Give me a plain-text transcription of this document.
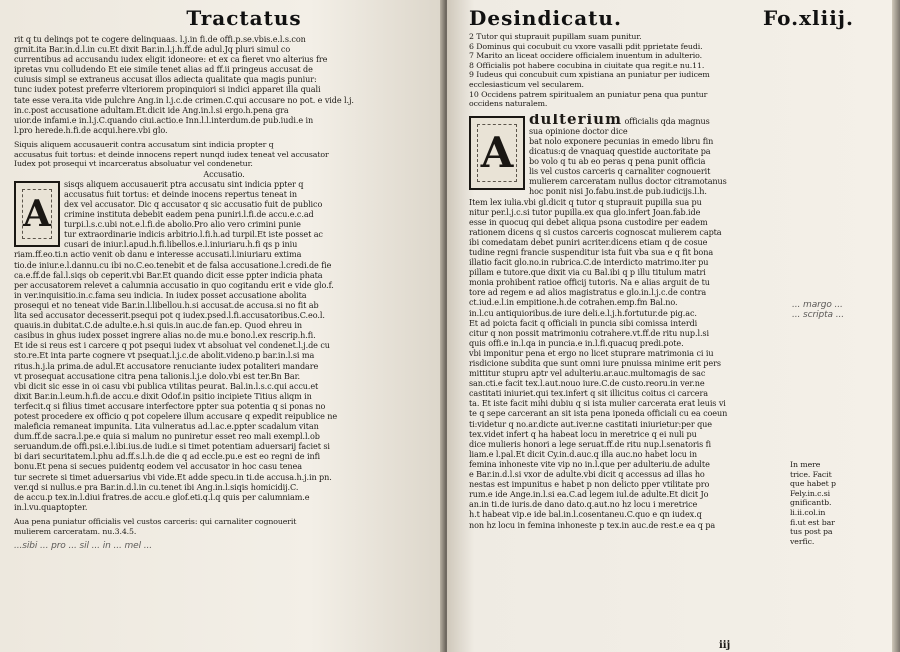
Tractatus
rit q tu delinqs pot te cogere delinquaas. l.j.in fi.de offi.p.se.vbis.e.l.s.con
grnit.ita Bar.in.d.l.in cu.Et dixit Bar.in.l.j.h.ff.de adul.Jq pluri simul co
currentibus ad accusandu iudex eligit idoneore: et ex ca fieret vno alterius fre
ipretas vnu colludendo Et eie simile tenet alias ad ff.ii pringeus accusat de
cuiusis simpl se extraneus accusat illos adiecta qualitate qua magis puniur:
tunc iudex potest preferre vlteriorem propinquiori si indici apparet illa quali
tate esse vera.ita vide pulchre Ang.in l.j.c.de crimen.C.qui accusare no pot. e vide l.j.
in.c.post accusatione adultam.Et.dicit ide Ang.in.l.si ergo.h.pena gra
uior.de infami.e in.l.j.C.quando ciui.actio.e Inn.l.l.interdum.de pub.iudi.e in
l.pro herede.h.fi.de acqui.here.vbi glo.
Siquis aliquem accusauerit contra accusatum sint indicia propter q
accusatus fuit tortus: et deinde innocens repert nunqd iudex teneat vel accusator
Iudex pot prosequi vt incarceratus absoluatur vel condenetur.
Accusatio.
A
sisqs aliquem accusauerit ptra accusatu sint indicia ppter q
accusatus fuit tortus: et deinde inocens repertus teneat in
dex vel accusator. Dic q accusator q sic accusatio fuit de publico
crimine instituta debebit eadem pena puniri.l.fi.de accu.e.c.ad
turpi.l.s.c.ubi not.e.l.fi.de abolio.Pro alio vero crimini punie
tur extraordinarie indicis arbitrio.l.fi.h.ad turpil.Et iste posset ac
cusari de iniur.l.apud.h.fi.libellos.e.l.iniuriaru.h.fi qs p iniu
riam.ff.eo.ti.n actio venit ob danu e interesse accusati.l.iniuriaru extima
tio.de iniur.e.l.dannu.cu ibi no.C.eo.tenebit et de falsa accusatione.l.credi.de fie
ca.e.ff.de fal.l.siqs ob ceperit.vbi Bar.Et quando dicit esse ppter indicia phata
per accusatorem relevet a calumnia accusatio in quo cogitandu erit e vide glo.f.
in ver.inquisitio.in.c.fama seu indicia. In iudex posset accusatione abolita
prosequi et no teneat vide Bar.in.l.libellou.h.si accusat.de accusa.si no fit ab
lita sed accusator decesserit.psequi pot q iudex.psed.l.fi.accusatoribus.C.eo.l.
quauis.in dubitat.C.de adulte.e.h.si quis.in auc.de fan.ep. Quod ehreu in
casibus in ghus iudex posset ingrere alias no.de mu.e bono.l.ex rescrip.h.fi.
Et ide si reus est i carcere q pot psequi iudex vt absoluat vel condenet.l.j.de cu
sto.re.Et inta parte cognere vt psequat.l.j.c.de abolit.videno.p bar.in.l.si ma
ritus.h.j.la prima.de adul.Et accusatore renuciante iudex potaliteri mandare
vt prosequat accusatione citra pena talionis.l.j.e dolo.vbi est ter.Bn Bar.
vbi dicit sic esse in oi casu vbi publica vtilitas peurat. Bal.in.l.s.c.qui accu.et
dixit Bar.in.l.eum.h.fi.de accu.e dixit Odof.in psitio incipiete Titius aliqm in
terfecit.q si filius timet accusare interfectore ppter sua potentia q si ponas no
potest procedere ex officio q pot copelere illum accusare q expedit reipublice ne
maleficia remaneat impunita. Lita vulneratus ad.l.ac.e.ppter scadalum vitan
dum.ff.de sacra.l.pe.e quia si malum no puniretur esset reo mali exempl.l.ob
seruandum.de offi.psi.e.l.ibi.ius.de iudi.e si timet potentiam aduersarij faciet si
bi dari securitatem.l.phu ad.ff.s.l.h.de die q ad eccle.pu.e est eo regni de infi
bonu.Et pena si secues puidentq eodem vel accusator in hoc casu tenea
tur secrete si timet aduersarius vbi vide.Et adde specu.in ti.de accusa.h.j.in pn.
ver.qd si nullus.e pra Bar.in.d.l.in cu.tenet ibi Ang.in.l.siqis homicidij.C.
de accu.p tex.in.l.diui fratres.de accu.e glof.eti.q.l.q quis per calumniam.e
in.l.vu.quaptopter.
Aua pena puniatur officialis vel custos carceris: qui carnaliter cognouerit
mulierem carceratam. nu.3.4.5.
...sibi ... pro ... sil ... in ... mel ...
Desindicatu.	Fo.xliij.
2 Tutor qui stuprauit pupillam suam punitur.
6 Dominus qui cocubuit cu vxore vasalli pdit pprietate feudi.
7 Marito an liceat occidere officialem inuentum in adulterio.
8 Officialis pot habere cocubina in ciuitate qua regit.e nu.11.
9 Iudeus qui concubuit cum xpistiana an puniatur per iudicem
ecclesiasticum vel secularem.
10 Occidens patrem spiritualem an puniatur pena qua puntur
occidens naturalem.
A
dulterium officialis qda magnus
sua opinione doctor dice
bat nolo exponere pecunias in emedo libru fin
dicatus:q de vnaquaq questide auctoritate pa
bo volo q tu ab eo peras q pena punit officia
lis vel custos carceris q carnaliter cognouerit
mulierem carceratam nullus doctor citramotanus
hoc ponit nisi Jo.fabu.inst.de pub.iudicijs.l.h.
Item lex iulia.vbi gl.dicit q tutor q stuprauit pupilla sua pu
nitur per.l.j.c.si tutor pupilla.ex qua glo.infert Joan.fab.ide
esse in quocuq qui debet aliqua psona custodire per eadem
rationem dicens q si custos carceris cognoscat mulierem capta
ibi comedatam debet puniri acriter.dicens etiam q de cosue
tudine regni francie suspenditur ista fuit vba sua e q fit bona
illatio facit glo.no.in rubrica.C.de interdicto matrimo.iter pu
pillam e tutore.que dixit via cu Bal.ibi q p illu titulum matri
monia prohibent ratioe officij tutoris. Na e alias arguit de tu
tore ad regem e ad alios magistratus e glo.in.l.j.c.de contra
ct.iud.e.l.in empitione.h.de cotrahen.emp.fm Bal.no.
in.l.cu antiquioribus.de iure deli.e.l.j.h.fortutur.de pig.ac.
Et ad poicta facit q officiali in puncia sibi comissa interdi
citur q non possit matrimoniu cotrahere.vt.ff.de ritu nup.l.si
quis offi.e in.l.qa in puncia.e in.l.fi.quacuq predi.pote.
vbi imponitur pena et ergo no licet stuprare matrimonia ci iu
risdicione subdita que sunt omni iure pnuissa minime erit pers
mittitur stupru aptr vel adulteriu.ar.auc.multomagis de sac
san.cti.e facit tex.l.aut.nouo iure.C.de custo.reoru.in ver.ne
castitati iniuriet.qui tex.infert q sit illicitus coitus ci carcera
ta. Et iste facit mihi dubiu q si ista mulier carcerata erat leuis vi
te q sepe carcerant an sit ista pena iponeda officiali cu ea coeun
ti:videtur q no.ar.dicte aut.iver.ne castitati iniurietur:per que
tex.videt infert q ha habeat locu in meretrice q ei nuli pu
dice mulieris honori a lege seruat.ff.de ritu nup.l.senatoris fi
liam.e l.pal.Et dicit Cy.in.d.auc.q illa auc.no habet locu in
femina inhoneste vite vip no in.l.que per adulteriu.de adulte
e Bar.in.d.l.si vxor de adulte.vbi dicit q accessus ad illas ho
nestas est impunitus e habet p non delicto pper vtilitate pro
rum.e ide Ange.in.l.si ea.C.ad legem iul.de adulte.Et dicit Jo
an.in ti.de iuris.de dano dato.q.aut.no hz locu i meretrice
h.t habeat vip.e ide bal.in.l.cosentaneu.C.quo e qn iudex.q
non hz locu in femina inhoneste p tex.in auc.de rest.e ea q pa
iij
In mere
trice. Facit
que habet p
Fely.in.c.si
gnificantb.
li.ii.col.in
fi.ut est bar
tus post pa
verfic.
... margo ...
... scripta ...
